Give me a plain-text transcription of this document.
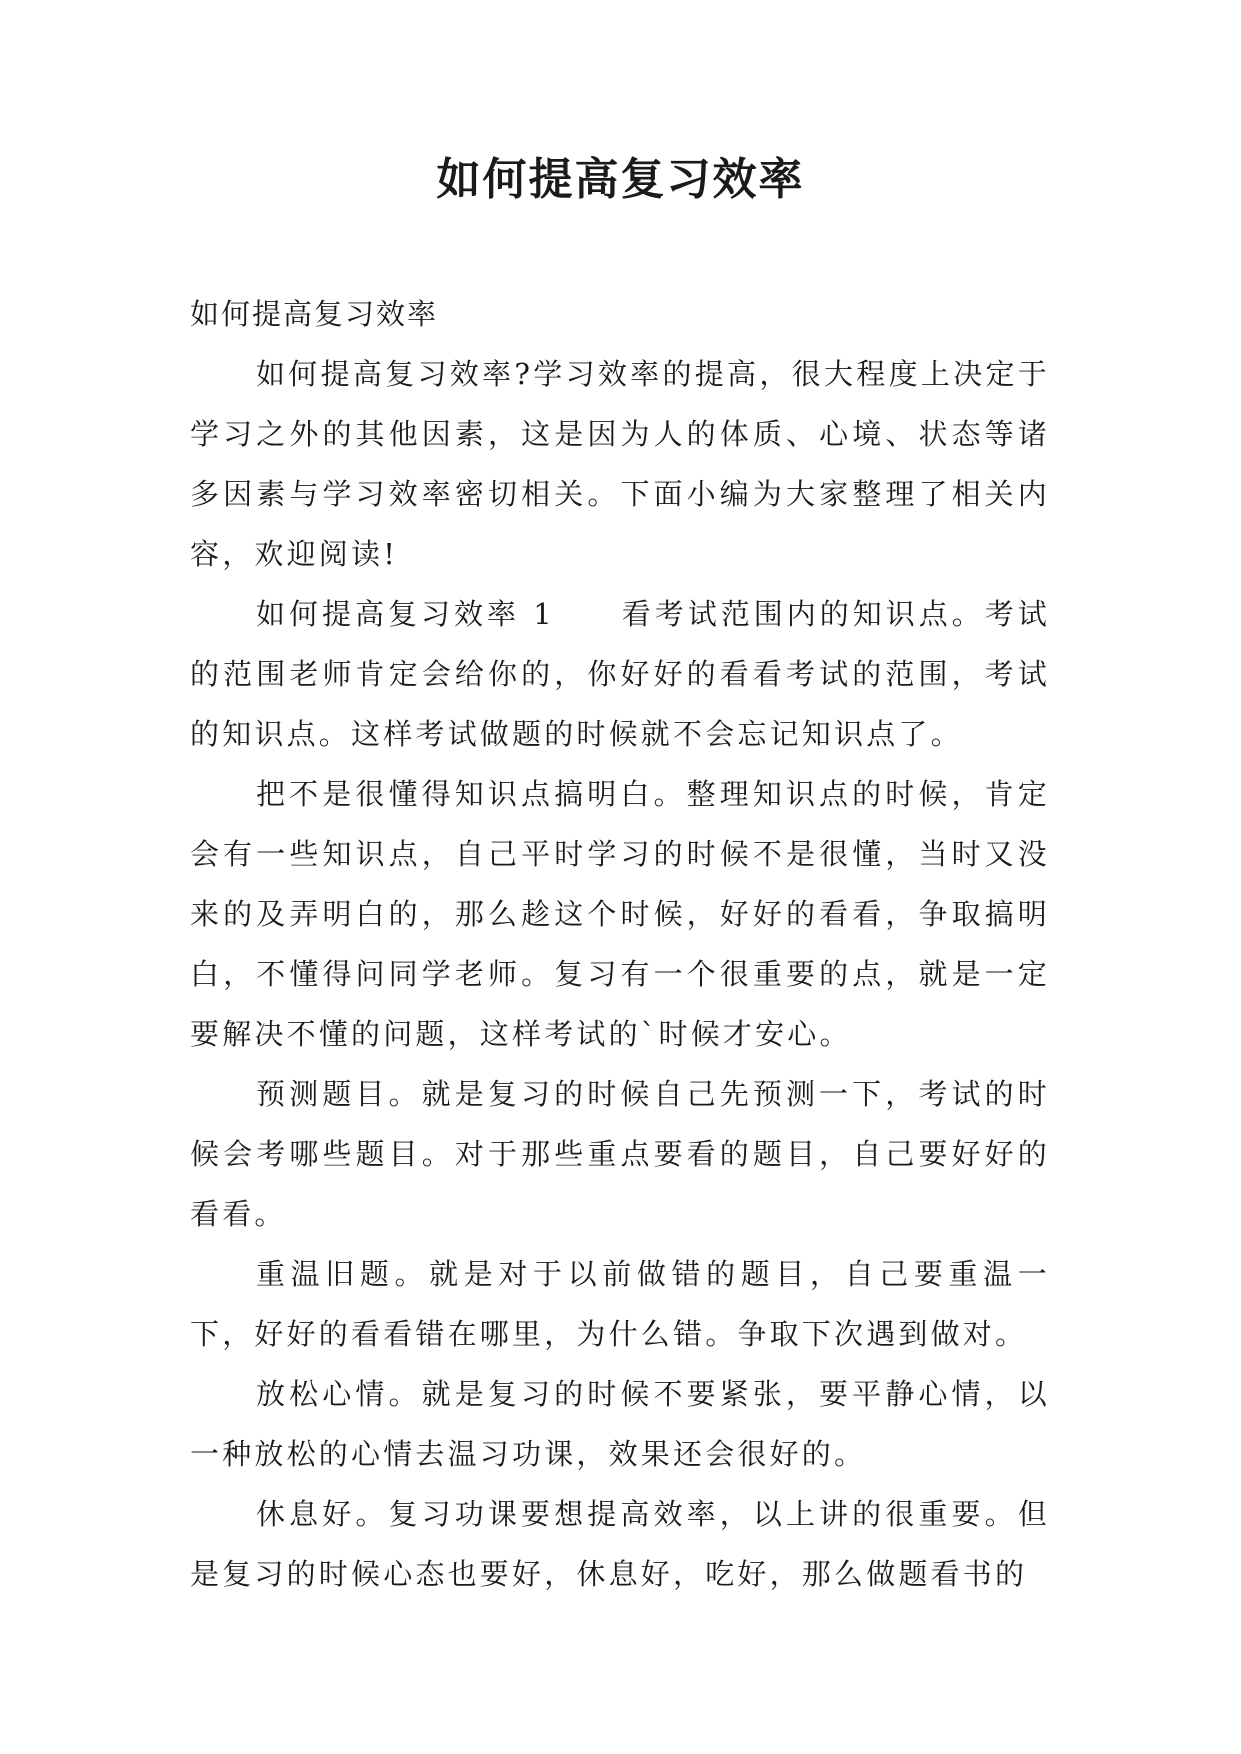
如何提高复习效率

如何提高复习效率

如何提高复习效率?学习效率的提高，很大程度上决定于学习之外的其他因素，这是因为人的体质、心境、状态等诸多因素与学习效率密切相关。下面小编为大家整理了相关内容，欢迎阅读!

如何提高复习效率 1 看考试范围内的知识点。考试的范围老师肯定会给你的，你好好的看看考试的范围，考试的知识点。这样考试做题的时候就不会忘记知识点了。

把不是很懂得知识点搞明白。整理知识点的时候，肯定会有一些知识点，自己平时学习的时候不是很懂，当时又没来的及弄明白的，那么趁这个时候，好好的看看，争取搞明白，不懂得问同学老师。复习有一个很重要的点，就是一定要解决不懂的问题，这样考试的`时候才安心。

预测题目。就是复习的时候自己先预测一下，考试的时候会考哪些题目。对于那些重点要看的题目，自己要好好的看看。

重温旧题。就是对于以前做错的题目，自己要重温一下，好好的看看错在哪里，为什么错。争取下次遇到做对。

放松心情。就是复习的时候不要紧张，要平静心情，以一种放松的心情去温习功课，效果还会很好的。

休息好。复习功课要想提高效率，以上讲的很重要。但是复习的时候心态也要好，休息好，吃好，那么做题看书的
